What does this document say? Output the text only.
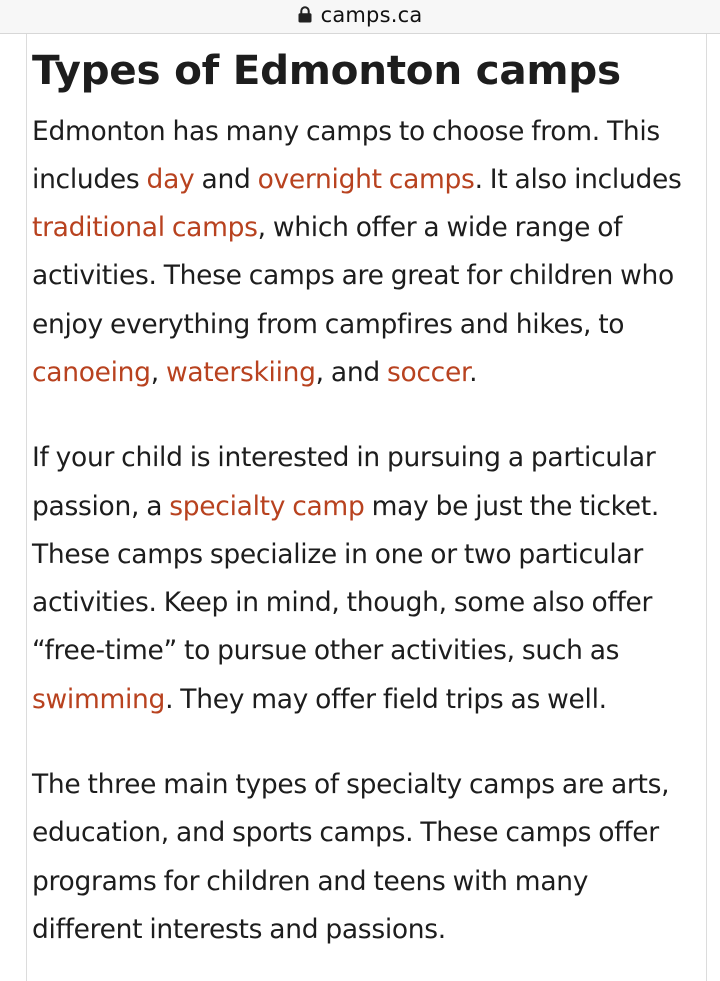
camps.ca
Types of Edmonton camps

Edmonton has many camps to choose from. This
includes day and overnight camps. It also includes
traditional camps, which offer a wide range of
activities. These camps are great for children who
enjoy everything from campfires and hikes, to
canoeing, waterskiing, and soccer.

If your child is interested in pursuing a particular
passion, a specialty camp may be just the ticket.
These camps specialize in one or two particular
activities. Keep in mind, though, some also offer
“free-time” to pursue other activities, such as
swimming. They may offer field trips as well.

The three main types of specialty camps are arts,
education, and sports camps. These camps offer
programs for children and teens with many
different interests and passions.
